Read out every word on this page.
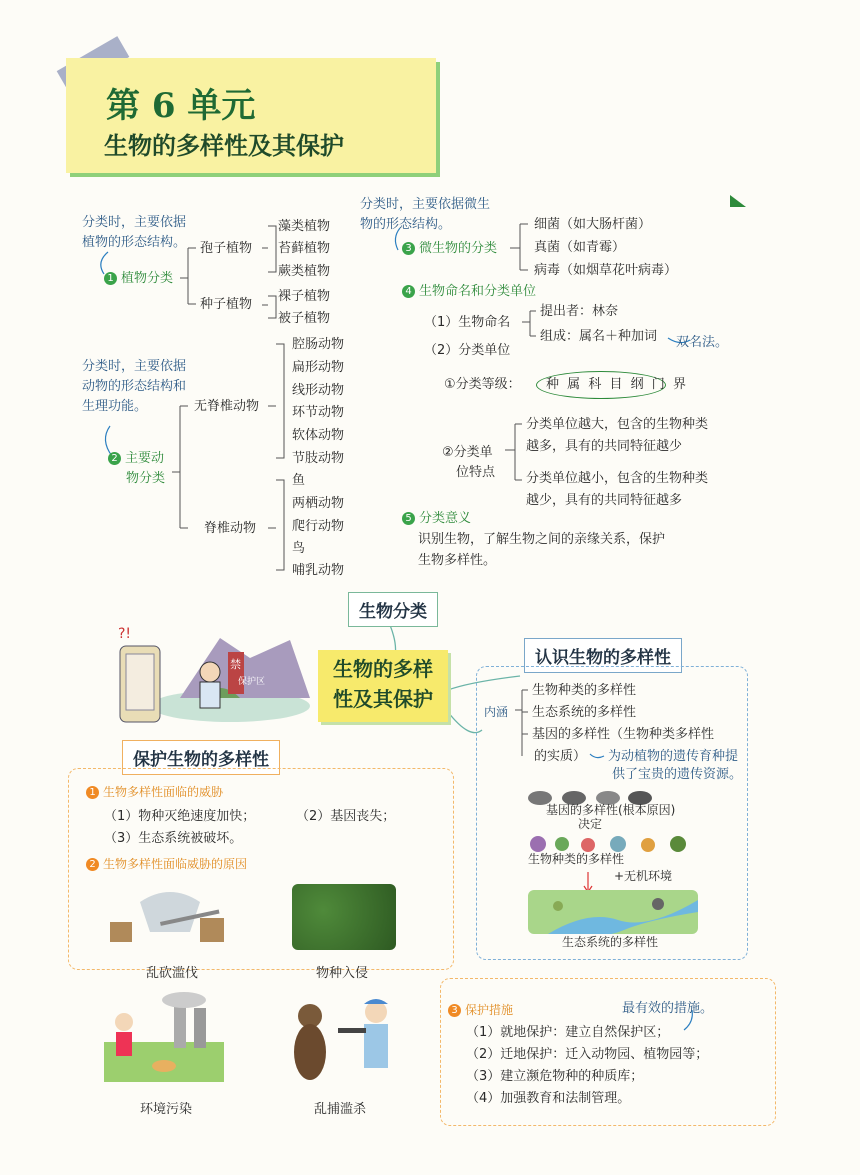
第 6 单元
生物的多样性及其保护
分类时，主要依据
植物的形态结构。
1 植物分类
孢子植物
藻类植物
苔藓植物
蕨类植物
种子植物
裸子植物
被子植物
分类时，主要依据
动物的形态结构和
生理功能。
2 主要动
物分类
无脊椎动物
腔肠动物
扁形动物
线形动物
环节动物
软体动物
节肢动物
脊椎动物
鱼
两栖动物
爬行动物
鸟
哺乳动物
分类时，主要依据微生
物的形态结构。
3 微生物的分类
细菌（如大肠杆菌）
真菌（如青霉）
病毒（如烟草花叶病毒）
4 生物命名和分类单位
（1）生物命名
提出者：林奈
组成：属名＋种加词 双名法。
（2）分类单位
①分类等级： 种 属 科 目 纲 门 界
②分类单
位特点
分类单位越大，包含的生物种类
越多，具有的共同特征越少
分类单位越小，包含的生物种类
越少，具有的共同特征越多
5 分类意义
识别生物，了解生物之间的亲缘关系，保护
生物多样性。
生物分类
生物的多样
性及其保护
?!
禁
保护区
认识生物的多样性
内涵
生物种类的多样性
生态系统的多样性
基因的多样性（生物种类多样性
的实质） 为动植物的遗传育种提
供了宝贵的遗传资源。
基因的多样性(根本原因)
决定
生物种类的多样性
+无机环境
生态系统的多样性
保护生物的多样性
1 生物多样性面临的威胁
（1）物种灭绝速度加快；	（2）基因丧失；
（3）生态系统被破坏。
2 生物多样性面临威胁的原因
乱砍滥伐	物种入侵
环境污染	乱捕滥杀
3 保护措施	最有效的措施。
（1）就地保护：建立自然保护区；
（2）迁地保护：迁入动物园、植物园等；
（3）建立濒危物种的种质库；
（4）加强教育和法制管理。
